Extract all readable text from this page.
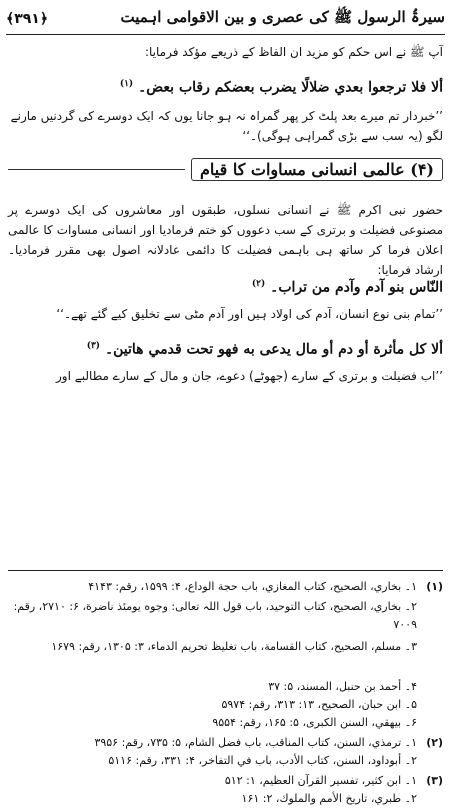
سیرۃُ الرسول ﷺ کی عصری و بین الاقوامی اہمیت
﴿۳۹۱﴾
آپ ﷺ نے اس حکم کو مزید ان الفاظ کے ذریعے مؤکد فرمایا:
ألا فلا ترجعوا بعدي ضلالًا يضرب بعضكم رقاب بعض۔ $^{(۱)}$
’’خبردار تم میرے بعد پلٹ کر پھر گمراہ نہ ہو جانا یوں کہ ایک دوسرے کی گردنیں مارنے لگو (یہ سب سے بڑی گمراہی ہوگی)۔‘‘
(۴) عالمی انسانی مساوات کا قیام
حضور نبی اکرم ﷺ نے انسانی نسلوں، طبقوں اور معاشروں کی ایک دوسرے پر مصنوعی فضیلت و برتری کے سب دعووں کو ختم فرمادیا اور انسانی مساوات کا عالمی اعلان فرما کر ساتھ ہی باہمی فضیلت کا دائمی عادلانہ اصول بھی مقرر فرمادیا۔ ارشاد فرمایا:
النّاس بنو آدم وآدم من تراب۔ $^{(۲)}$
’’تمام بنی نوع انسان، آدم کی اولاد ہیں اور آدم مٹی سے تخلیق کیے گئے تھے۔‘‘
ألا كل مأثرة أو دم أو مال يدعى به فهو تحت قدمي هاتين۔ $^{(۳)}$
’’اب فضیلت و برتری کے سارے (جھوٹے) دعوے، جان و مال کے سارے مطالبے اور
(۱)۱۔ بخاري، الصحيح، كتاب المغازي، باب حجة الوداع، ۴: ۱۵۹۹، رقم: ۴۱۴۳
۲۔ بخاري، الصحيح، كتاب التوحيد، باب قول اللہ تعالى: وجوه يومئذ ناضرة، ۶: ۲۷۱۰، رقم: ۷۰۰۹
۳۔ مسلم، الصحيح، كتاب القسامة، باب تغليظ تحريم الدماء، ۳: ۱۳۰۵، رقم: ۱۶۷۹
۴۔ أحمد بن حنبل، المسند، ۵: ۳۷
۵۔ ابن حبان، الصحيح، ۱۳: ۳۱۳، رقم: ۵۹۷۴
۶۔ بيهقي، السنن الكبرى، ۵: ۱۶۵، رقم: ۹۵۵۴
(۲)۱۔ ترمذي، السنن، كتاب المناقب، باب فضل الشام، ۵: ۷۳۵، رقم: ۳۹۵۶
۲۔ أبوداود، السنن، كتاب الأدب، باب في التفاخر، ۴: ۳۳۱، رقم: ۵۱۱۶
(۳)۱۔ ابن كثير، تفسير القرآن العظيم، ۱: ۵۱۲
۲۔ طبري، تاريخ الأمم والملوك، ۲: ۱۶۱
